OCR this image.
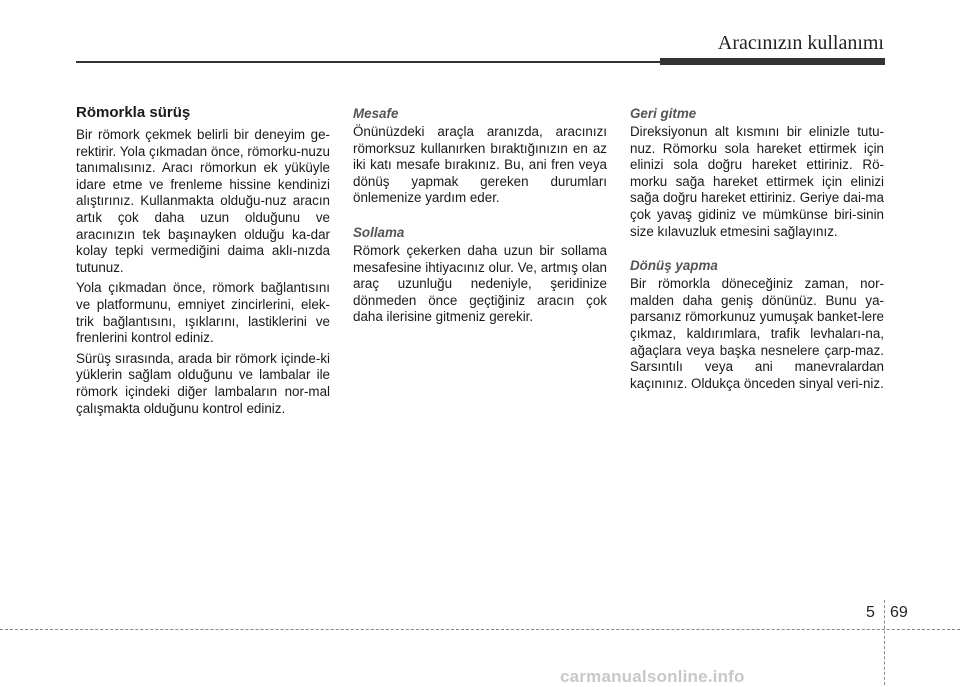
Aracınızın kullanımı
Römorkla sürüş

Bir römork çekmek belirli bir deneyim ge-rektirir. Yola çıkmadan önce, römorku-nuzu tanımalısınız. Aracı römorkun ek yüküyle idare etme ve frenleme hissine kendinizi alıştırınız. Kullanmakta olduğu-nuz aracın artık çok daha uzun olduğunu ve aracınızın tek başınayken olduğu ka-dar kolay tepki vermediğini daima aklı-nızda tutunuz.

Yola çıkmadan önce, römork bağlantısını ve platformunu, emniyet zincirlerini, elek-trik bağlantısını, ışıklarını, lastiklerini ve frenlerini kontrol ediniz.

Sürüş sırasında, arada bir römork içinde-ki yüklerin sağlam olduğunu ve lambalar ile römork içindeki diğer lambaların nor-mal çalışmakta olduğunu kontrol ediniz.

Mesafe

Önünüzdeki araçla aranızda, aracınızı römorksuz kullanırken bıraktığınızın en az iki katı mesafe bırakınız. Bu, ani fren veya dönüş yapmak gereken durumları önlemenize yardım eder.

Sollama

Römork çekerken daha uzun bir sollama mesafesine ihtiyacınız olur. Ve, artmış olan araç uzunluğu nedeniyle, şeridinize dönmeden önce geçtiğiniz aracın çok daha ilerisine gitmeniz gerekir.

Geri gitme

Direksiyonun alt kısmını bir elinizle tutu-nuz. Römorku sola hareket ettirmek için elinizi sola doğru hareket ettiriniz. Rö-morku sağa hareket ettirmek için elinizi sağa doğru hareket ettiriniz. Geriye dai-ma çok yavaş gidiniz ve mümkünse biri-sinin size kılavuzluk etmesini sağlayınız.

Dönüş yapma

Bir römorkla döneceğiniz zaman, nor-malden daha geniş dönünüz. Bunu ya-parsanız römorkunuz yumuşak banket-lere çıkmaz, kaldırımlara, trafik levhaları-na, ağaçlara veya başka nesnelere çarp-maz. Sarsıntılı veya ani manevralardan kaçınınız. Oldukça önceden sinyal veri-niz.

5 69
carmanualsonline.info
